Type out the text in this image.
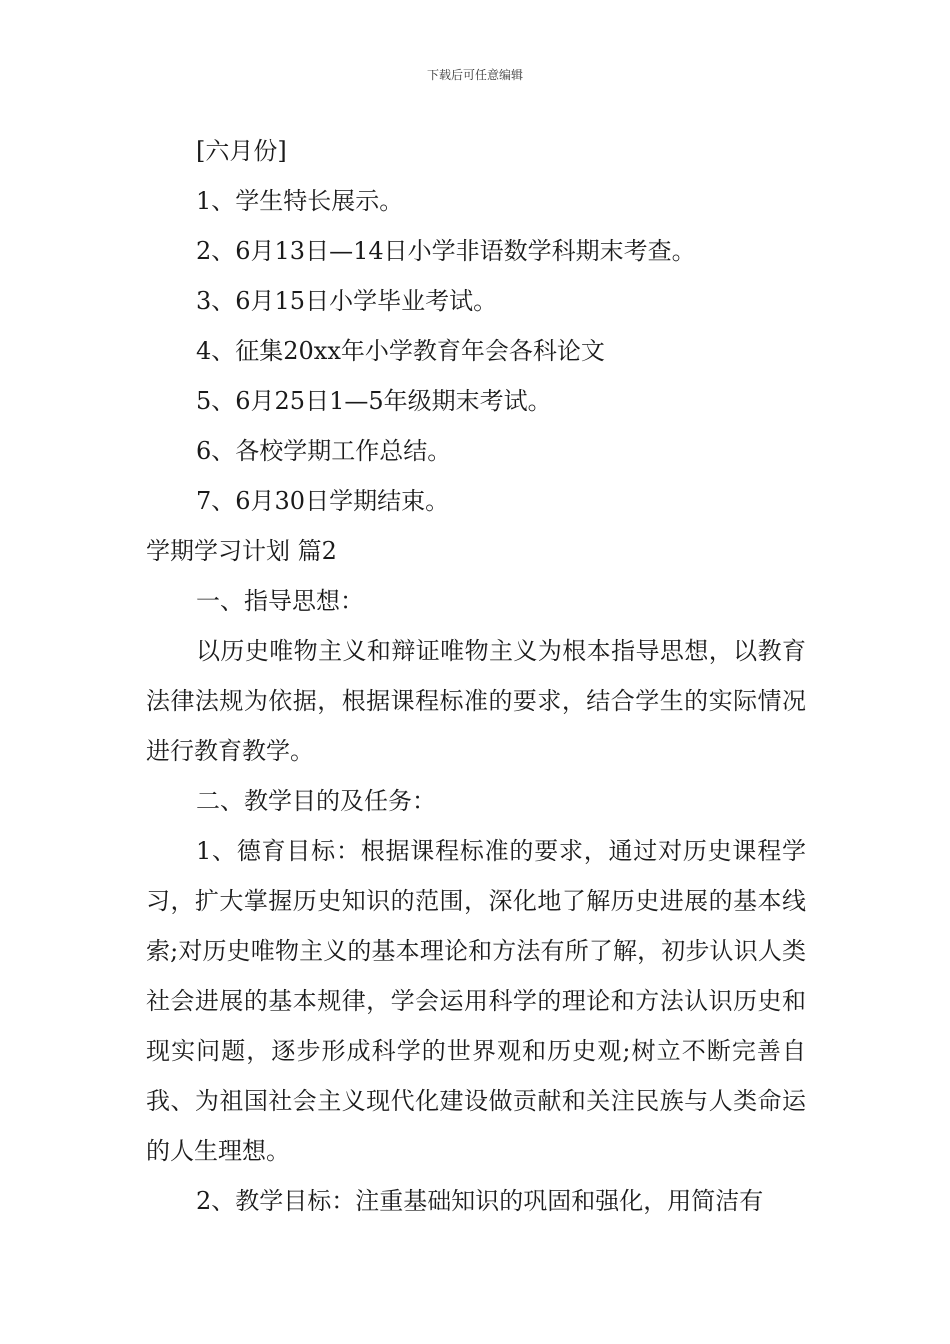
下载后可任意编辑
[六月份]
1、学生特长展示。
2、6月13日—14日小学非语数学科期末考查。
3、6月15日小学毕业考试。
4、征集20xx年小学教育年会各科论文
5、6月25日1—5年级期末考试。
6、各校学期工作总结。
7、6月30日学期结束。
学期学习计划 篇2
一、指导思想：

以历史唯物主义和辩证唯物主义为根本指导思想，以教育法律法规为依据，根据课程标准的要求，结合学生的实际情况进行教育教学。

二、教学目的及任务：

1、德育目标：根据课程标准的要求，通过对历史课程学习，扩大掌握历史知识的范围，深化地了解历史进展的基本线索;对历史唯物主义的基本理论和方法有所了解，初步认识人类社会进展的基本规律，学会运用科学的理论和方法认识历史和现实问题，逐步形成科学的世界观和历史观;树立不断完善自我、为祖国社会主义现代化建设做贡献和关注民族与人类命运的人生理想。

2、教学目标：注重基础知识的巩固和强化，用简洁有
